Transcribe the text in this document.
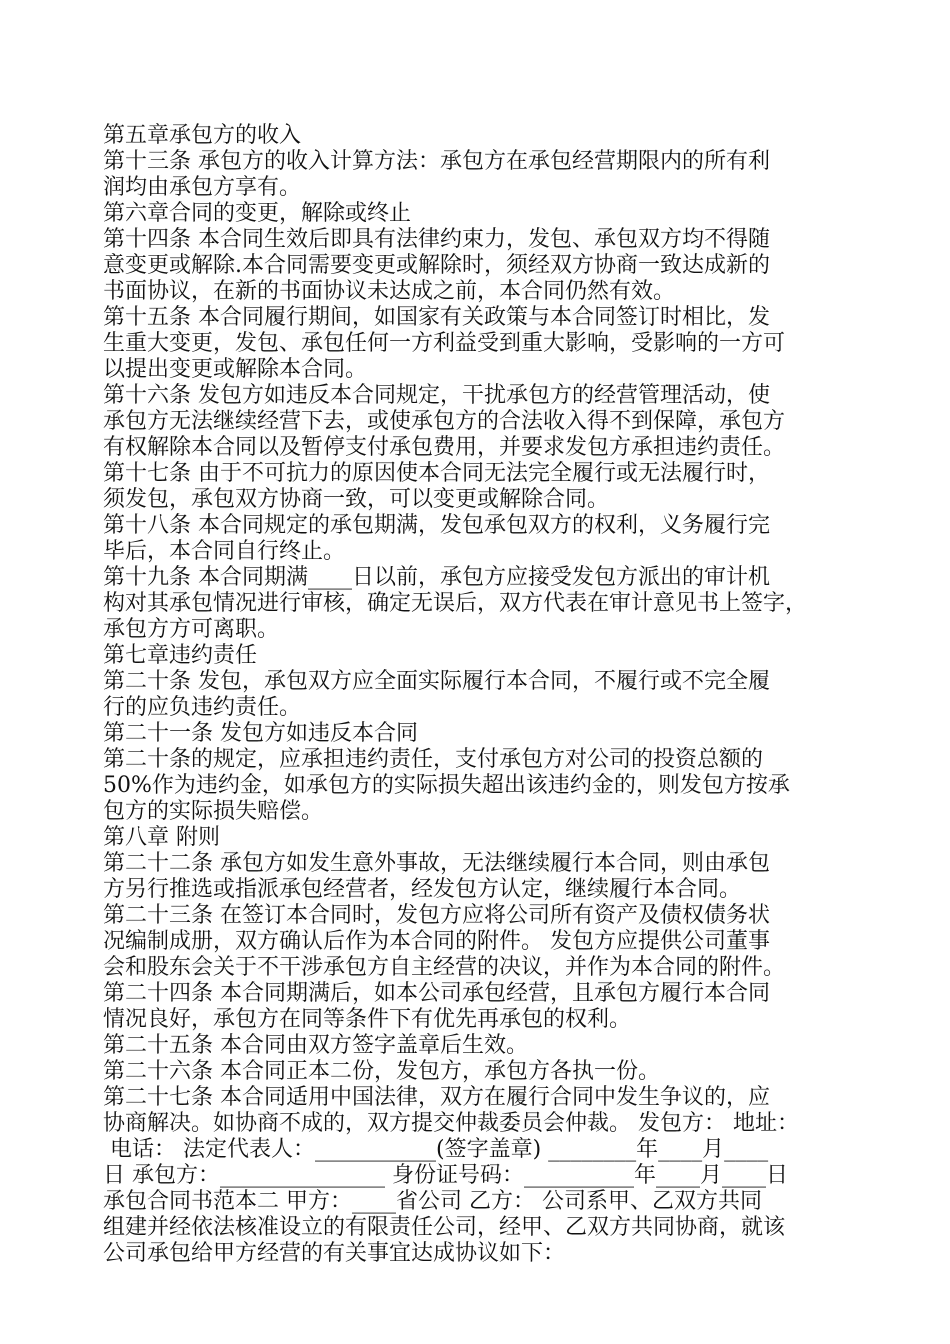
第五章承包方的收入
第十三条 承包方的收入计算方法：承包方在承包经营期限内的所有利
润均由承包方享有。
第六章合同的变更，解除或终止
第十四条 本合同生效后即具有法律约束力，发包、承包双方均不得随
意变更或解除.本合同需要变更或解除时，须经双方协商一致达成新的
书面协议，在新的书面协议未达成之前，本合同仍然有效。
第十五条 本合同履行期间，如国家有关政策与本合同签订时相比，发
生重大变更，发包、承包任何一方利益受到重大影响，受影响的一方可
以提出变更或解除本合同。
第十六条 发包方如违反本合同规定，干扰承包方的经营管理活动，使
承包方无法继续经营下去，或使承包方的合法收入得不到保障，承包方
有权解除本合同以及暂停支付承包费用，并要求发包方承担违约责任。
第十七条 由于不可抗力的原因使本合同无法完全履行或无法履行时，
须发包，承包双方协商一致，可以变更或解除合同。
第十八条 本合同规定的承包期满，发包承包双方的权利，义务履行完
毕后，本合同自行终止。
第十九条 本合同期满____日以前，承包方应接受发包方派出的审计机
构对其承包情况进行审核，确定无误后，双方代表在审计意见书上签字，
承包方方可离职。
第七章违约责任
第二十条 发包，承包双方应全面实际履行本合同，不履行或不完全履
行的应负违约责任。
第二十一条 发包方如违反本合同
第二十条的规定，应承担违约责任，支付承包方对公司的投资总额的
50%作为违约金，如承包方的实际损失超出该违约金的，则发包方按承
包方的实际损失赔偿。
第八章 附则
第二十二条 承包方如发生意外事故，无法继续履行本合同，则由承包
方另行推选或指派承包经营者，经发包方认定，继续履行本合同。
第二十三条 在签订本合同时，发包方应将公司所有资产及债权债务状
况编制成册，双方确认后作为本合同的附件。 发包方应提供公司董事
会和股东会关于不干涉承包方自主经营的决议，并作为本合同的附件。
第二十四条 本合同期满后，如本公司承包经营，且承包方履行本合同
情况良好，承包方在同等条件下有优先再承包的权利。
第二十五条 本合同由双方签字盖章后生效。
第二十六条 本合同正本二份，发包方，承包方各执一份。
第二十七条 本合同适用中国法律，双方在履行合同中发生争议的，应
协商解决。如协商不成的，双方提交仲裁委员会仲裁。 发包方： 地址：
电话： 法定代表人：___________(签字盖章) ________年____月____
日 承包方：_______________ 身份证号码：__________年____月____日
承包合同书范本二 甲方：____省公司 乙方： 公司系甲、乙双方共同
组建并经依法核准设立的有限责任公司，经甲、乙双方共同协商，就该
公司承包给甲方经营的有关事宜达成协议如下：
